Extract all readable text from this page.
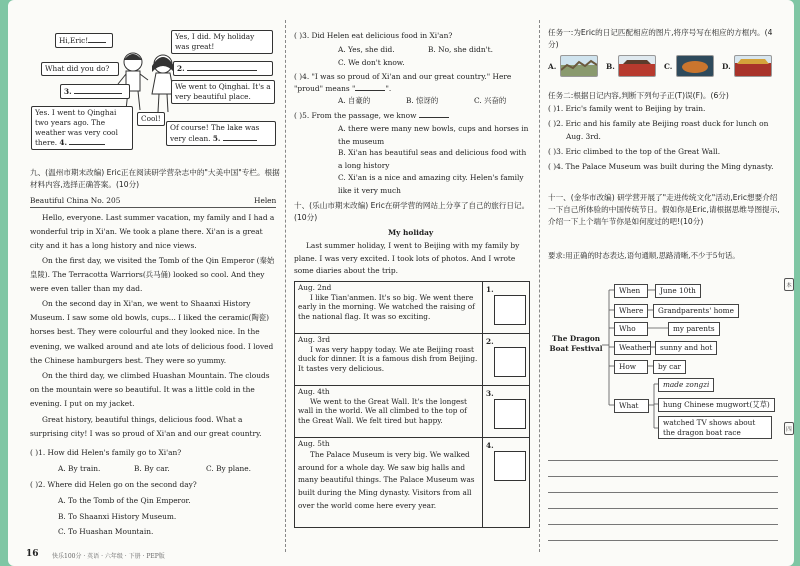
Hi,Eric!	Yes, I did. My holiday was great!
What did you do?	2.
3.
We went to Qinghai. It's a very beautiful place.
Yes. I went to Qinghai two years ago. The weather was very cool there. 4.
Cool!
Of course! The lake was very clean. 5.
九、(温州市期末改编) Eric正在阅读研学营杂志中的"大美中国"专栏。根据材料内容,选择正确答案。(10分)
Beautiful China No. 205	Helen
Hello, everyone. Last summer vacation, my family and I had a wonderful trip in Xi'an. We took a plane there. Xi'an is a great city and it has a long history and nice views.
On the first day, we visited the Tomb of the Qin Emperor (秦始皇陵). The Terracotta Warriors(兵马俑) looked so cool. And they were even taller than my dad.
On the second day in Xi'an, we went to Shaanxi History Museum. I saw some old bowls, cups... I liked the ceramic(陶瓷) horses best. They were colourful and they looked nice. In the evening, we walked around and ate lots of delicious food. I loved the Chinese hamburgers best. They were so yummy.
On the third day, we climbed Huashan Mountain. The clouds on the mountain were so beautiful. It was a little cold in the evening. I put on my jacket.
Great history, beautiful things, delicious food. What a surprising city! I was so proud of Xi'an and our great country.
( )1. How did Helen's family go to Xi'an?
A. By train.	B. By car.	C. By plane.
( )2. Where did Helen go on the second day?
A. To the Tomb of the Qin Emperor.
B. To Shaanxi History Museum.
C. To Huashan Mountain.
16 快乐100分 · 英语 · 六年级 · 下册 · PEP版
( )3. Did Helen eat delicious food in Xi'an?
A. Yes, she did.	B. No, she didn't.
C. We don't know.
( )4. "I was so proud of Xi'an and our great country." Here "proud" means "	".
A. 自豪的	B. 惊讶的	C. 兴奋的
( )5. From the passage, we know
A. there were many new bowls, cups and horses in the museum
B. Xi'an has beautiful seas and delicious food with a long history
C. Xi'an is a nice and amazing city. Helen's family like it very much
十、(乐山市期末改编) Eric在研学营的网站上分享了自己的旅行日记。(10分)
My holiday
Last summer holiday, I went to Beijing with my family by plane. I was very excited. I took lots of photos. And I wrote some diaries about the trip.
Aug. 2nd
I like Tian'anmen. It's so big. We went there early in the morning. We watched the raising of the national flag. It was so exciting.	1.

Aug. 3rd
I was very happy today. We ate Beijing roast duck for dinner. It is a famous dish from Beijing. It tastes very delicious.	2.

Aug. 4th
We went to the Great Wall. It's the longest wall in the world. We all climbed to the top of the Great Wall. We felt tired but happy.	3.

Aug. 5th
The Palace Museum is very big. We walked around for a whole day. We saw big halls and many beautiful things. The Palace Museum was built during the Ming dynasty. Visitors from all over the world come here every year.	4.
任务一:为Eric的日记匹配相应的图片,将序号写在相应的方框内。(4分)
A.	B.	C.	D.
任务二:根据日记内容,判断下列句子正(T)误(F)。(6分)
( )1. Eric's family went to Beijing by train.
( )2. Eric and his family ate Beijing roast duck for lunch on Aug. 3rd.
( )3. Eric climbed to the top of the Great Wall.
( )4. The Palace Museum was built during the Ming dynasty.
十一、(金华市改编) 研学营开展了"走进传统文化"活动,Eric想要介绍一下自己所体验的中国传统节日。假如你是Eric,请根据思维导图提示,介绍一下上个端午节你是如何度过的吧!(10分)
要求:用正确的时态表达,语句通顺,思路清晰,不少于5句话。
The Dragon Boat Festival
When
Where
Who
Weather
How
What
June 10th
Grandparents' home
my parents
sunny and hot
by car
made zongzi
hung Chinese mugwort(艾草)
watched TV shows about the dragon boat race
本
四
